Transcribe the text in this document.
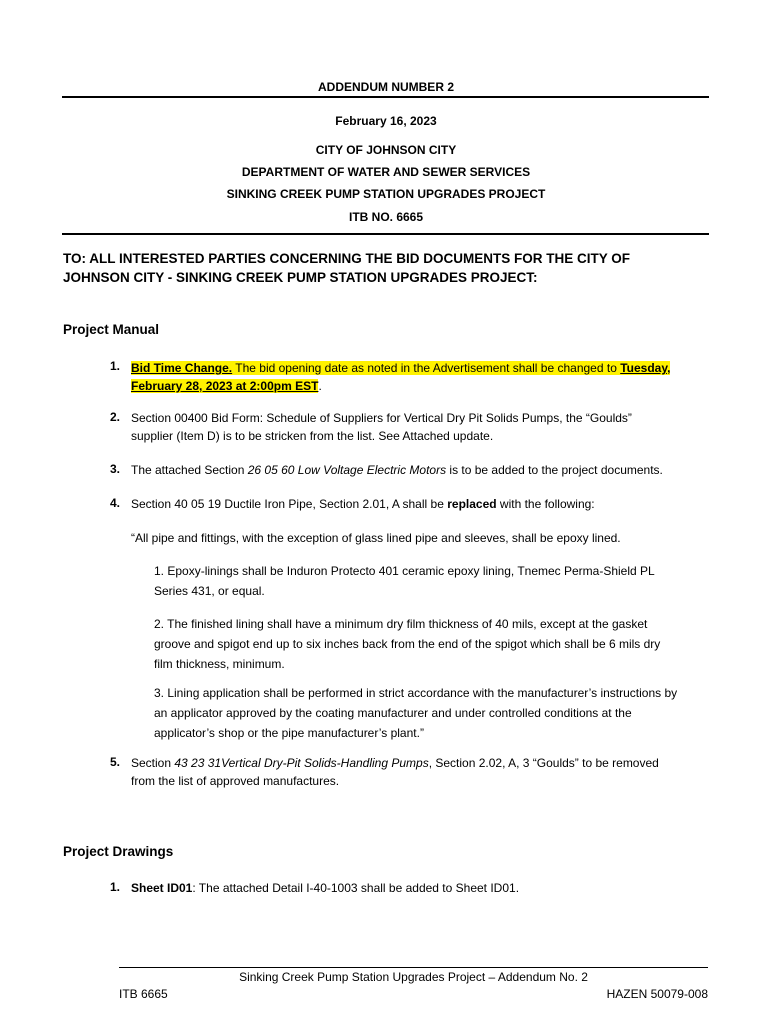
ADDENDUM NUMBER 2
February 16, 2023
CITY OF JOHNSON CITY
DEPARTMENT OF WATER AND SEWER SERVICES
SINKING CREEK PUMP STATION UPGRADES PROJECT
ITB NO. 6665
TO: ALL INTERESTED PARTIES CONCERNING THE BID DOCUMENTS FOR THE CITY OF
JOHNSON CITY - SINKING CREEK PUMP STATION UPGRADES PROJECT:
Project Manual
1. Bid Time Change. The bid opening date as noted in the Advertisement shall be changed to Tuesday,
February 28, 2023 at 2:00pm EST.
2. Section 00400 Bid Form: Schedule of Suppliers for Vertical Dry Pit Solids Pumps, the “Goulds”
supplier (Item D) is to be stricken from the list. See Attached update.
3. The attached Section 26 05 60 Low Voltage Electric Motors is to be added to the project documents.
4. Section 40 05 19 Ductile Iron Pipe, Section 2.01, A shall be replaced with the following:
“All pipe and fittings, with the exception of glass lined pipe and sleeves, shall be epoxy lined.
1. Epoxy-linings shall be Induron Protecto 401 ceramic epoxy lining, Tnemec Perma-Shield PL
Series 431, or equal.
2. The finished lining shall have a minimum dry film thickness of 40 mils, except at the gasket
groove and spigot end up to six inches back from the end of the spigot which shall be 6 mils dry
film thickness, minimum.
3. Lining application shall be performed in strict accordance with the manufacturer’s instructions by
an applicator approved by the coating manufacturer and under controlled conditions at the
applicator’s shop or the pipe manufacturer’s plant.”
5. Section 43 23 31Vertical Dry-Pit Solids-Handling Pumps, Section 2.02, A, 3 “Goulds” to be removed
from the list of approved manufactures.
Project Drawings
1. Sheet ID01: The attached Detail I-40-1003 shall be added to Sheet ID01.
Sinking Creek Pump Station Upgrades Project – Addendum No. 2
ITB 6665	HAZEN 50079-008
